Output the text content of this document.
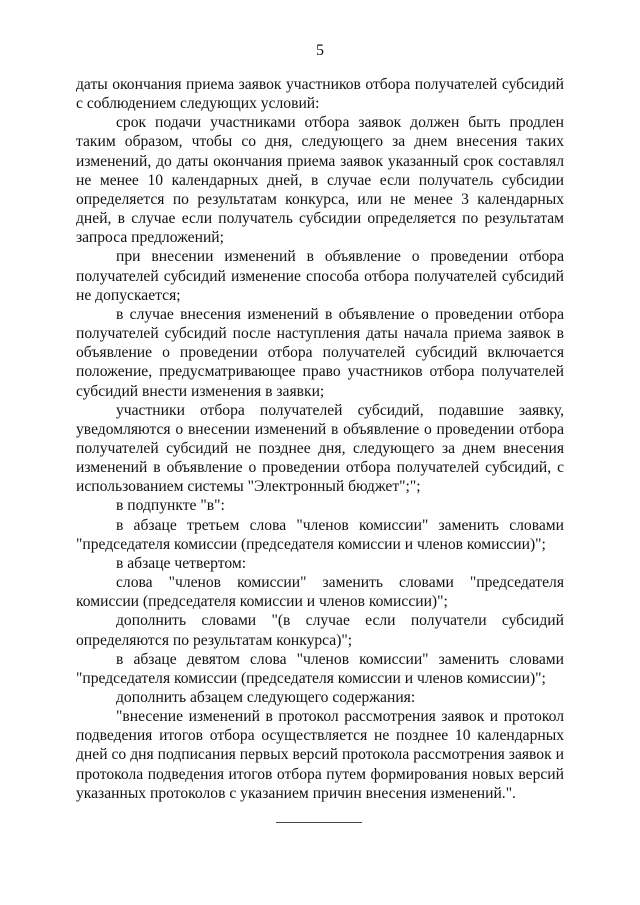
5

даты окончания приема заявок участников отбора получателей субсидий с соблюдением следующих условий:

срок подачи участниками отбора заявок должен быть продлен таким образом, чтобы со дня, следующего за днем внесения таких изменений, до даты окончания приема заявок указанный срок составлял не менее 10 календарных дней, в случае если получатель субсидии определяется по результатам конкурса, или не менее 3 календарных дней, в случае если получатель субсидии определяется по результатам запроса предложений;

при внесении изменений в объявление о проведении отбора получателей субсидий изменение способа отбора получателей субсидий не допускается;

в случае внесения изменений в объявление о проведении отбора получателей субсидий после наступления даты начала приема заявок в объявление о проведении отбора получателей субсидий включается положение, предусматривающее право участников отбора получателей субсидий внести изменения в заявки;

участники отбора получателей субсидий, подавшие заявку, уведомляются о внесении изменений в объявление о проведении отбора получателей субсидий не позднее дня, следующего за днем внесения изменений в объявление о проведении отбора получателей субсидий, с использованием системы "Электронный бюджет";";

в подпункте "в":

в абзаце третьем слова "членов комиссии" заменить словами "председателя комиссии (председателя комиссии и членов комиссии)";

в абзаце четвертом:

слова "членов комиссии" заменить словами "председателя комиссии (председателя комиссии и членов комиссии)";

дополнить словами "(в случае если получатели субсидий определяются по результатам конкурса)";

в абзаце девятом слова "членов комиссии" заменить словами "председателя комиссии (председателя комиссии и членов комиссии)";

дополнить абзацем следующего содержания:

"внесение изменений в протокол рассмотрения заявок и протокол подведения итогов отбора осуществляется не позднее 10 календарных дней со дня подписания первых версий протокола рассмотрения заявок и протокола подведения итогов отбора путем формирования новых версий указанных протоколов с указанием причин внесения изменений.".
